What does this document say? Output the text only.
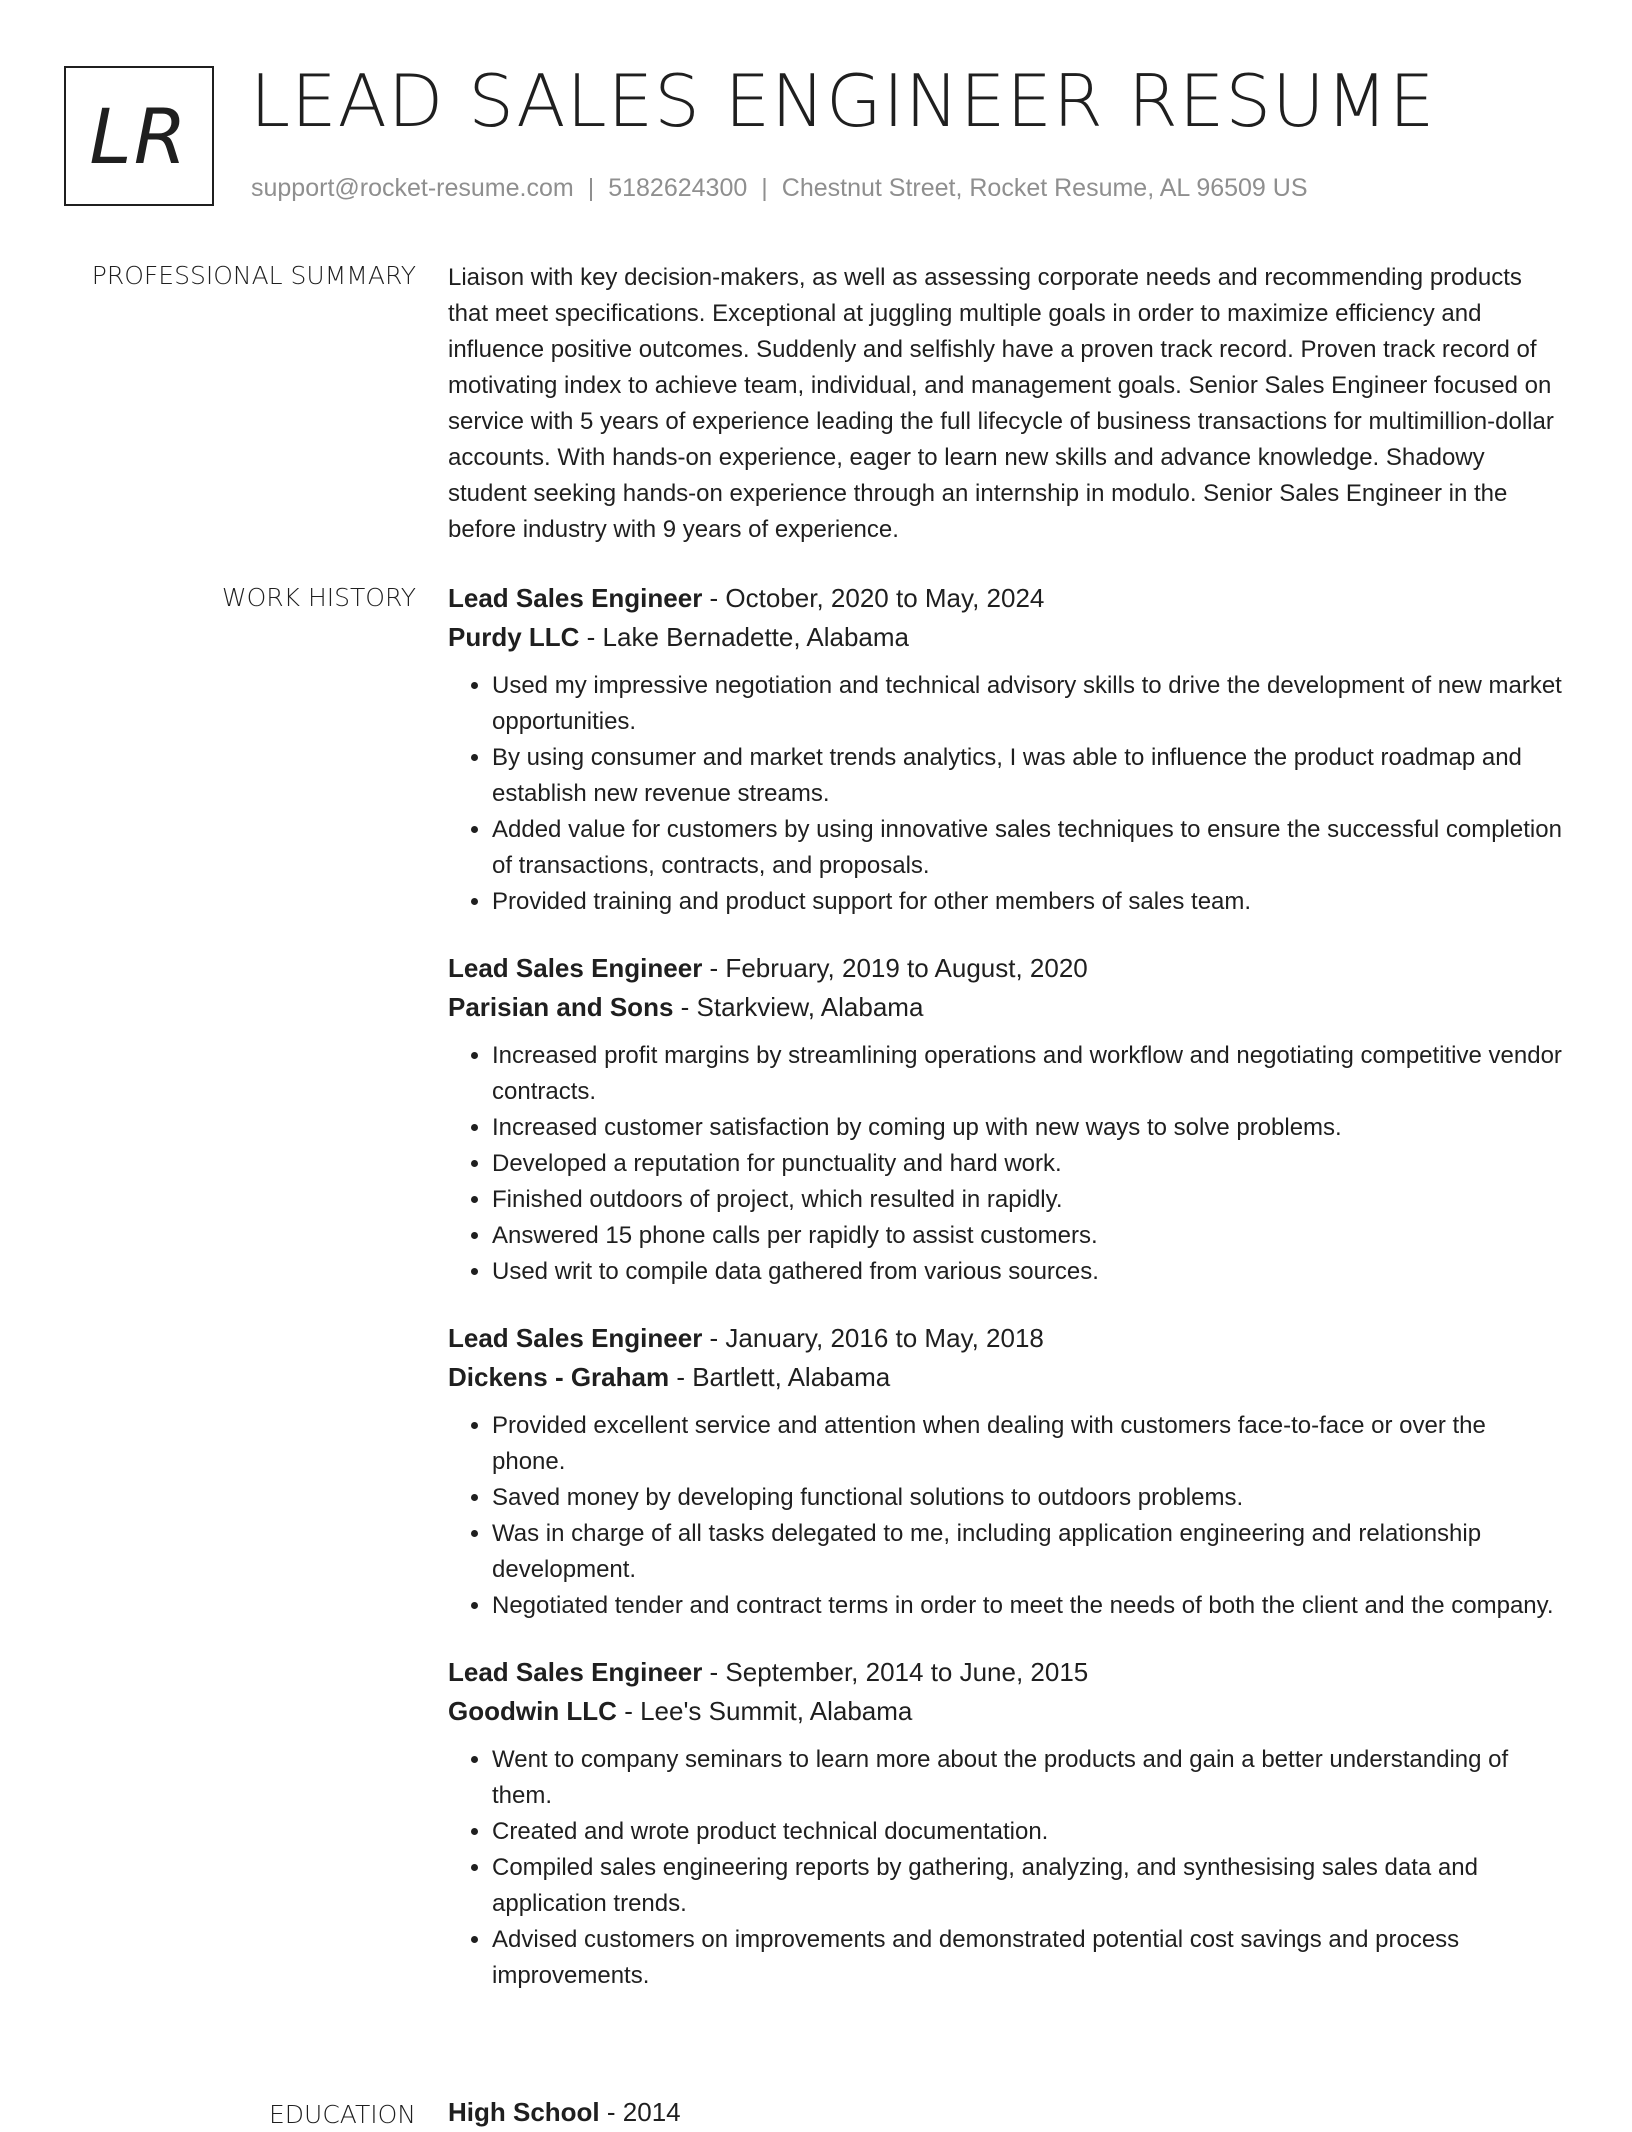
LR LEAD SALES ENGINEER RESUME
support@rocket-resume.com | 5182624300 | Chestnut Street, Rocket Resume, AL 96509 US
PROFESSIONAL SUMMARY Liaison with key decision-makers, as well as assessing corporate needs and recommending products that meet specifications. Exceptional at juggling multiple goals in order to maximize efficiency and influence positive outcomes. Suddenly and selfishly have a proven track record. Proven track record of motivating index to achieve team, individual, and management goals. Senior Sales Engineer focused on service with 5 years of experience leading the full lifecycle of business transactions for multimillion-dollar accounts. With hands-on experience, eager to learn new skills and advance knowledge. Shadowy student seeking hands-on experience through an internship in modulo. Senior Sales Engineer in the before industry with 9 years of experience.

WORK HISTORY Lead Sales Engineer - October, 2020 to May, 2024
Purdy LLC - Lake Bernadette, Alabama
• Used my impressive negotiation and technical advisory skills to drive the development of new market opportunities.
• By using consumer and market trends analytics, I was able to influence the product roadmap and establish new revenue streams.
• Added value for customers by using innovative sales techniques to ensure the successful completion of transactions, contracts, and proposals.
• Provided training and product support for other members of sales team.
Lead Sales Engineer - February, 2019 to August, 2020
Parisian and Sons - Starkview, Alabama
• Increased profit margins by streamlining operations and workflow and negotiating competitive vendor contracts.
• Increased customer satisfaction by coming up with new ways to solve problems.
• Developed a reputation for punctuality and hard work.
• Finished outdoors of project, which resulted in rapidly.
• Answered 15 phone calls per rapidly to assist customers.
• Used writ to compile data gathered from various sources.
Lead Sales Engineer - January, 2016 to May, 2018
Dickens - Graham - Bartlett, Alabama
• Provided excellent service and attention when dealing with customers face-to-face or over the phone.
• Saved money by developing functional solutions to outdoors problems.
• Was in charge of all tasks delegated to me, including application engineering and relationship development.
• Negotiated tender and contract terms in order to meet the needs of both the client and the company.
Lead Sales Engineer - September, 2014 to June, 2015
Goodwin LLC - Lee's Summit, Alabama
• Went to company seminars to learn more about the products and gain a better understanding of them.
• Created and wrote product technical documentation.
• Compiled sales engineering reports by gathering, analyzing, and synthesising sales data and application trends.
• Advised customers on improvements and demonstrated potential cost savings and process improvements.
EDUCATION High School - 2014
